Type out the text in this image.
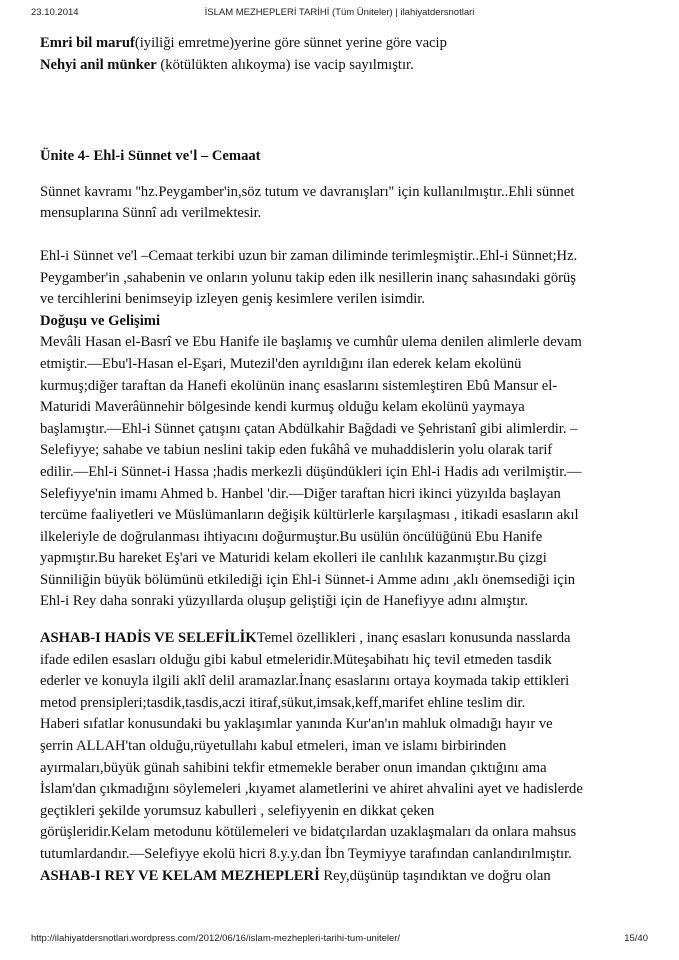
23.10.2014	İSLAM MEZHEPLERİ TARİHİ (Tüm Üniteler) | ilahiyatdersnotlari

Emri bil maruf(iyiliği emretme)yerine göre sünnet yerine göre vacip

Nehyi anil münker (kötülükten alıkoyma) ise vacip sayılmıştır.

Ünite 4- Ehl-i Sünnet ve'l – Cemaat

Sünnet kavramı ''hz.Peygamber'in,söz tutum ve davranışları'' için kullanılmıştır..Ehli sünnet
mensuplarına Sünnî adı verilmektesir.
Ehl-i Sünnet ve'l –Cemaat terkibi uzun bir zaman diliminde terimleşmiştir..Ehl-i Sünnet;Hz.
Peygamber'in ,sahabenin ve onların yolunu takip eden ilk nesillerin inanç sahasındaki görüş
ve tercihlerini benimseyip izleyen geniş kesimlere verilen isimdir.
Doğuşu ve Gelişimi
Mevâli Hasan el-Basrî ve Ebu Hanife ile başlamış ve cumhûr ulema denilen alimlerle devam
etmiştir.—Ebu'l-Hasan el-Eşari, Mutezil'den ayrıldığını ilan ederek kelam ekolünü
kurmuş;diğer taraftan da Hanefi ekolünün inanç esaslarını sistemleştiren Ebû Mansur el-
Maturidi Maverâünnehir bölgesinde kendi kurmuş olduğu kelam ekolünü yaymaya
başlamıştır.—Ehl-i Sünnet çatışını çatan Abdülkahir Bağdadi ve Şehristanî gibi alimlerdir. –
Selefiyye; sahabe ve tabiun neslini takip eden fukâhâ ve muhaddislerin yolu olarak tarif
edilir.—Ehl-i Sünnet-i Hassa ;hadis merkezli düşündükleri için Ehl-i Hadis adı verilmiştir.—
Selefiyye'nin imamı Ahmed b. Hanbel 'dir.—Diğer taraftan hicri ikinci yüzyılda başlayan
tercüme faaliyetleri ve Müslümanların değişik kültürlerle karşılaşması , itikadi esasların akıl
ilkeleriyle de doğrulanması ihtiyacını doğurmuştur.Bu usülün öncülüğünü Ebu Hanife
yapmıştır.Bu hareket Eş'ari ve Maturidi kelam ekolleri ile canlılık kazanmıştır.Bu çizgi
Sünniliğin büyük bölümünü etkilediği için Ehl-i Sünnet-i Amme adını ,aklı önemsediği için
Ehl-i Rey daha sonraki yüzyıllarda oluşup geliştiği için de Hanefiyye adını almıştır.
ASHAB-I HADİS VE SELEFİLİKTemel özellikleri , inanç esasları konusunda nasslarda
ifade edilen esasları olduğu gibi kabul etmeleridir.Müteşabihatı hiç tevil etmeden tasdik
ederler ve konuyla ilgili aklî delil aramazlar.İnanç esaslarını ortaya koymada takip ettikleri
metod prensipleri;tasdik,tasdis,aczi itiraf,sükut,imsak,keff,marifet ehline teslim dir.
Haberi sıfatlar konusundaki bu yaklaşımlar yanında Kur'an'ın mahluk olmadığı hayır ve
şerrin ALLAH'tan olduğu,rüyetullahı kabul etmeleri, iman ve islamı birbirinden
ayırmaları,büyük günah sahibini tekfir etmemekle beraber onun imandan çıktığını ama
İslam'dan çıkmadığını söylemeleri ,kıyamet alametlerini ve ahiret ahvalini ayet ve hadislerde
geçtikleri şekilde yorumsuz kabulleri , selefiyyenin en dikkat çeken
görüşleridir.Kelam metodunu kötülemeleri ve bidatçılardan uzaklaşmaları da onlara mahsus
tutumlardandır.—Selefiyye ekolü hicri 8.y.y.dan İbn Teymiyye tarafından canlandırılmıştır.
ASHAB-I REY VE KELAM MEZHEPLERİ Rey,düşünüp taşındıktan ve doğru olan
http://ilahiyatdersnotlari.wordpress.com/2012/06/16/islam-mezhepleri-tarihi-tum-uniteler/	15/40
